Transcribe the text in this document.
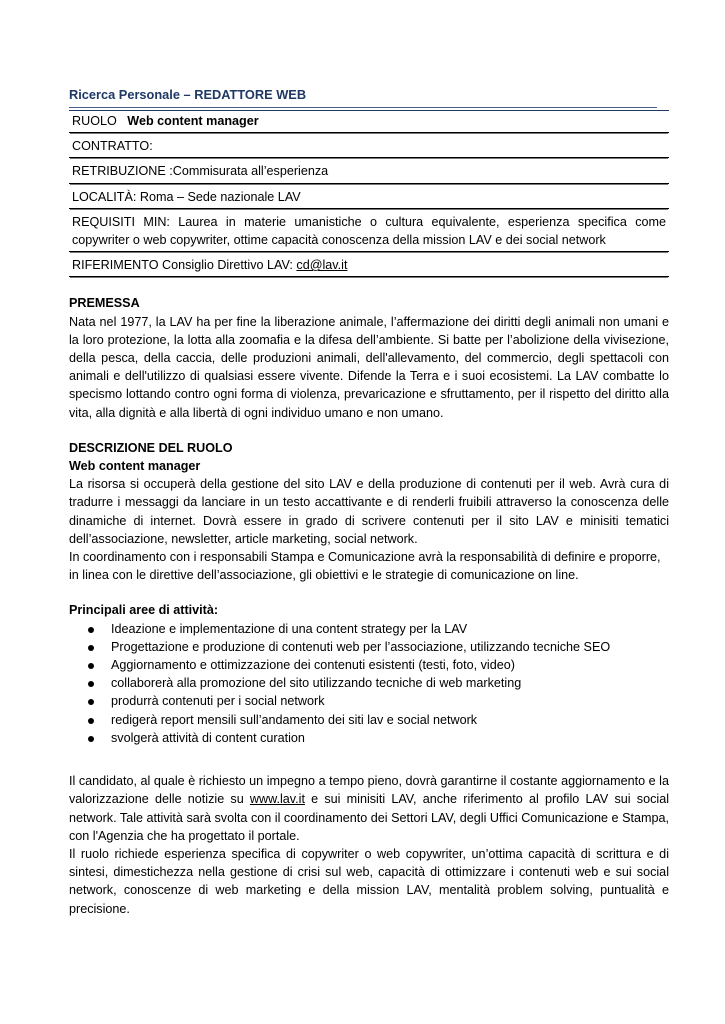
Ricerca Personale – REDATTORE WEB
RUOLO Web content manager
CONTRATTO:
RETRIBUZIONE :Commisurata all’esperienza
LOCALITÀ: Roma – Sede nazionale LAV
REQUISITI MIN: Laurea in materie umanistiche o cultura equivalente, esperienza specifica come copywriter o web copywriter, ottime capacità conoscenza della mission LAV e dei social network
RIFERIMENTO Consiglio Direttivo LAV: cd@lav.it
PREMESSA
Nata nel 1977, la LAV ha per fine la liberazione animale, l’affermazione dei diritti degli animali non umani e la loro protezione, la lotta alla zoomafia e la difesa dell’ambiente. Si batte per l’abolizione della vivisezione, della pesca, della caccia, delle produzioni animali, dell'allevamento, del commercio, degli spettacoli con animali e dell'utilizzo di qualsiasi essere vivente. Difende la Terra e i suoi ecosistemi. La LAV combatte lo specismo lottando contro ogni forma di violenza, prevaricazione e sfruttamento, per il rispetto del diritto alla vita, alla dignità e alla libertà di ogni individuo umano e non umano.
DESCRIZIONE DEL RUOLO
Web content manager
La risorsa si occuperà della gestione del sito LAV e della produzione di contenuti per il web. Avrà cura di tradurre i messaggi da lanciare in un testo accattivante e di renderli fruibili attraverso la conoscenza delle dinamiche di internet. Dovrà essere in grado di scrivere contenuti per il sito LAV e minisiti tematici dell’associazione, newsletter, article marketing, social network.
In coordinamento con i responsabili Stampa e Comunicazione avrà la responsabilità di definire e proporre, in linea con le direttive dell’associazione, gli obiettivi e le strategie di comunicazione on line.
Principali aree di attività:
Ideazione e implementazione di una content strategy per la LAV
Progettazione e produzione di contenuti web per l’associazione, utilizzando tecniche SEO
Aggiornamento e ottimizzazione dei contenuti esistenti (testi, foto, video)
collaborerà alla promozione del sito utilizzando tecniche di web marketing
produrrà contenuti per i social network
redigerà report mensili sull’andamento dei siti lav e social network
svolgerà attività di content curation
Il candidato, al quale è richiesto un impegno a tempo pieno, dovrà garantirne il costante aggiornamento e la valorizzazione delle notizie su www.lav.it e sui minisiti LAV, anche riferimento al profilo LAV sui social network. Tale attività sarà svolta con il coordinamento dei Settori LAV, degli Uffici Comunicazione e Stampa, con l'Agenzia che ha progettato il portale.
Il ruolo richiede esperienza specifica di copywriter o web copywriter, un’ottima capacità di scrittura e di sintesi, dimestichezza nella gestione di crisi sul web, capacità di ottimizzare i contenuti web e sui social network, conoscenze di web marketing e della mission LAV, mentalità problem solving, puntualità e precisione.
